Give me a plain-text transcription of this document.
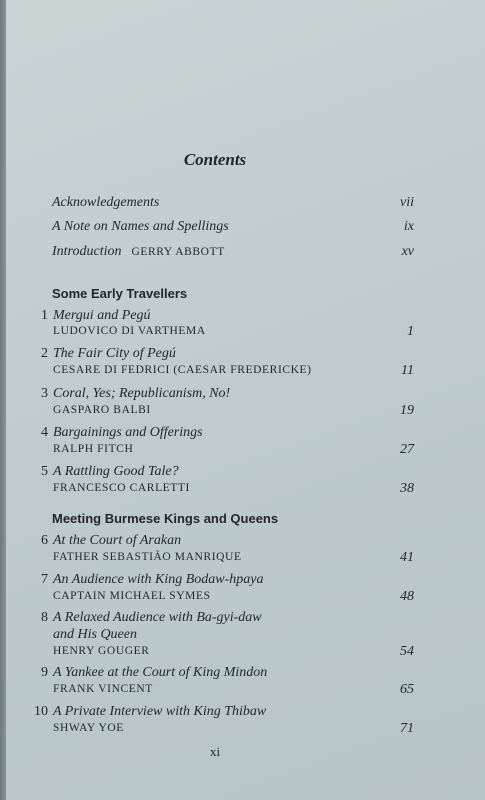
Contents
Acknowledgements	vii
A Note on Names and Spellings	ix
Introduction GERRY ABBOTT	xv
Some Early Travellers
1 Mergui and Pegú
LUDOVICO DI VARTHEMA	1
2 The Fair City of Pegú
CESARE DI FEDRICI (CAESAR FREDERICKE)	11
3 Coral, Yes; Republicanism, No!
GASPARO BALBI	19
4 Bargainings and Offerings
RALPH FITCH	27
5 A Rattling Good Tale?
FRANCESCO CARLETTI	38
Meeting Burmese Kings and Queens
6 At the Court of Arakan
FATHER SEBASTIÃO MANRIQUE	41
7 An Audience with King Bodaw-hpaya
CAPTAIN MICHAEL SYMES	48
8 A Relaxed Audience with Ba-gyi-daw
and His Queen
HENRY GOUGER	54
9 A Yankee at the Court of King Mindon
FRANK VINCENT	65
10 A Private Interview with King Thibaw
SHWAY YOE	71
xi
